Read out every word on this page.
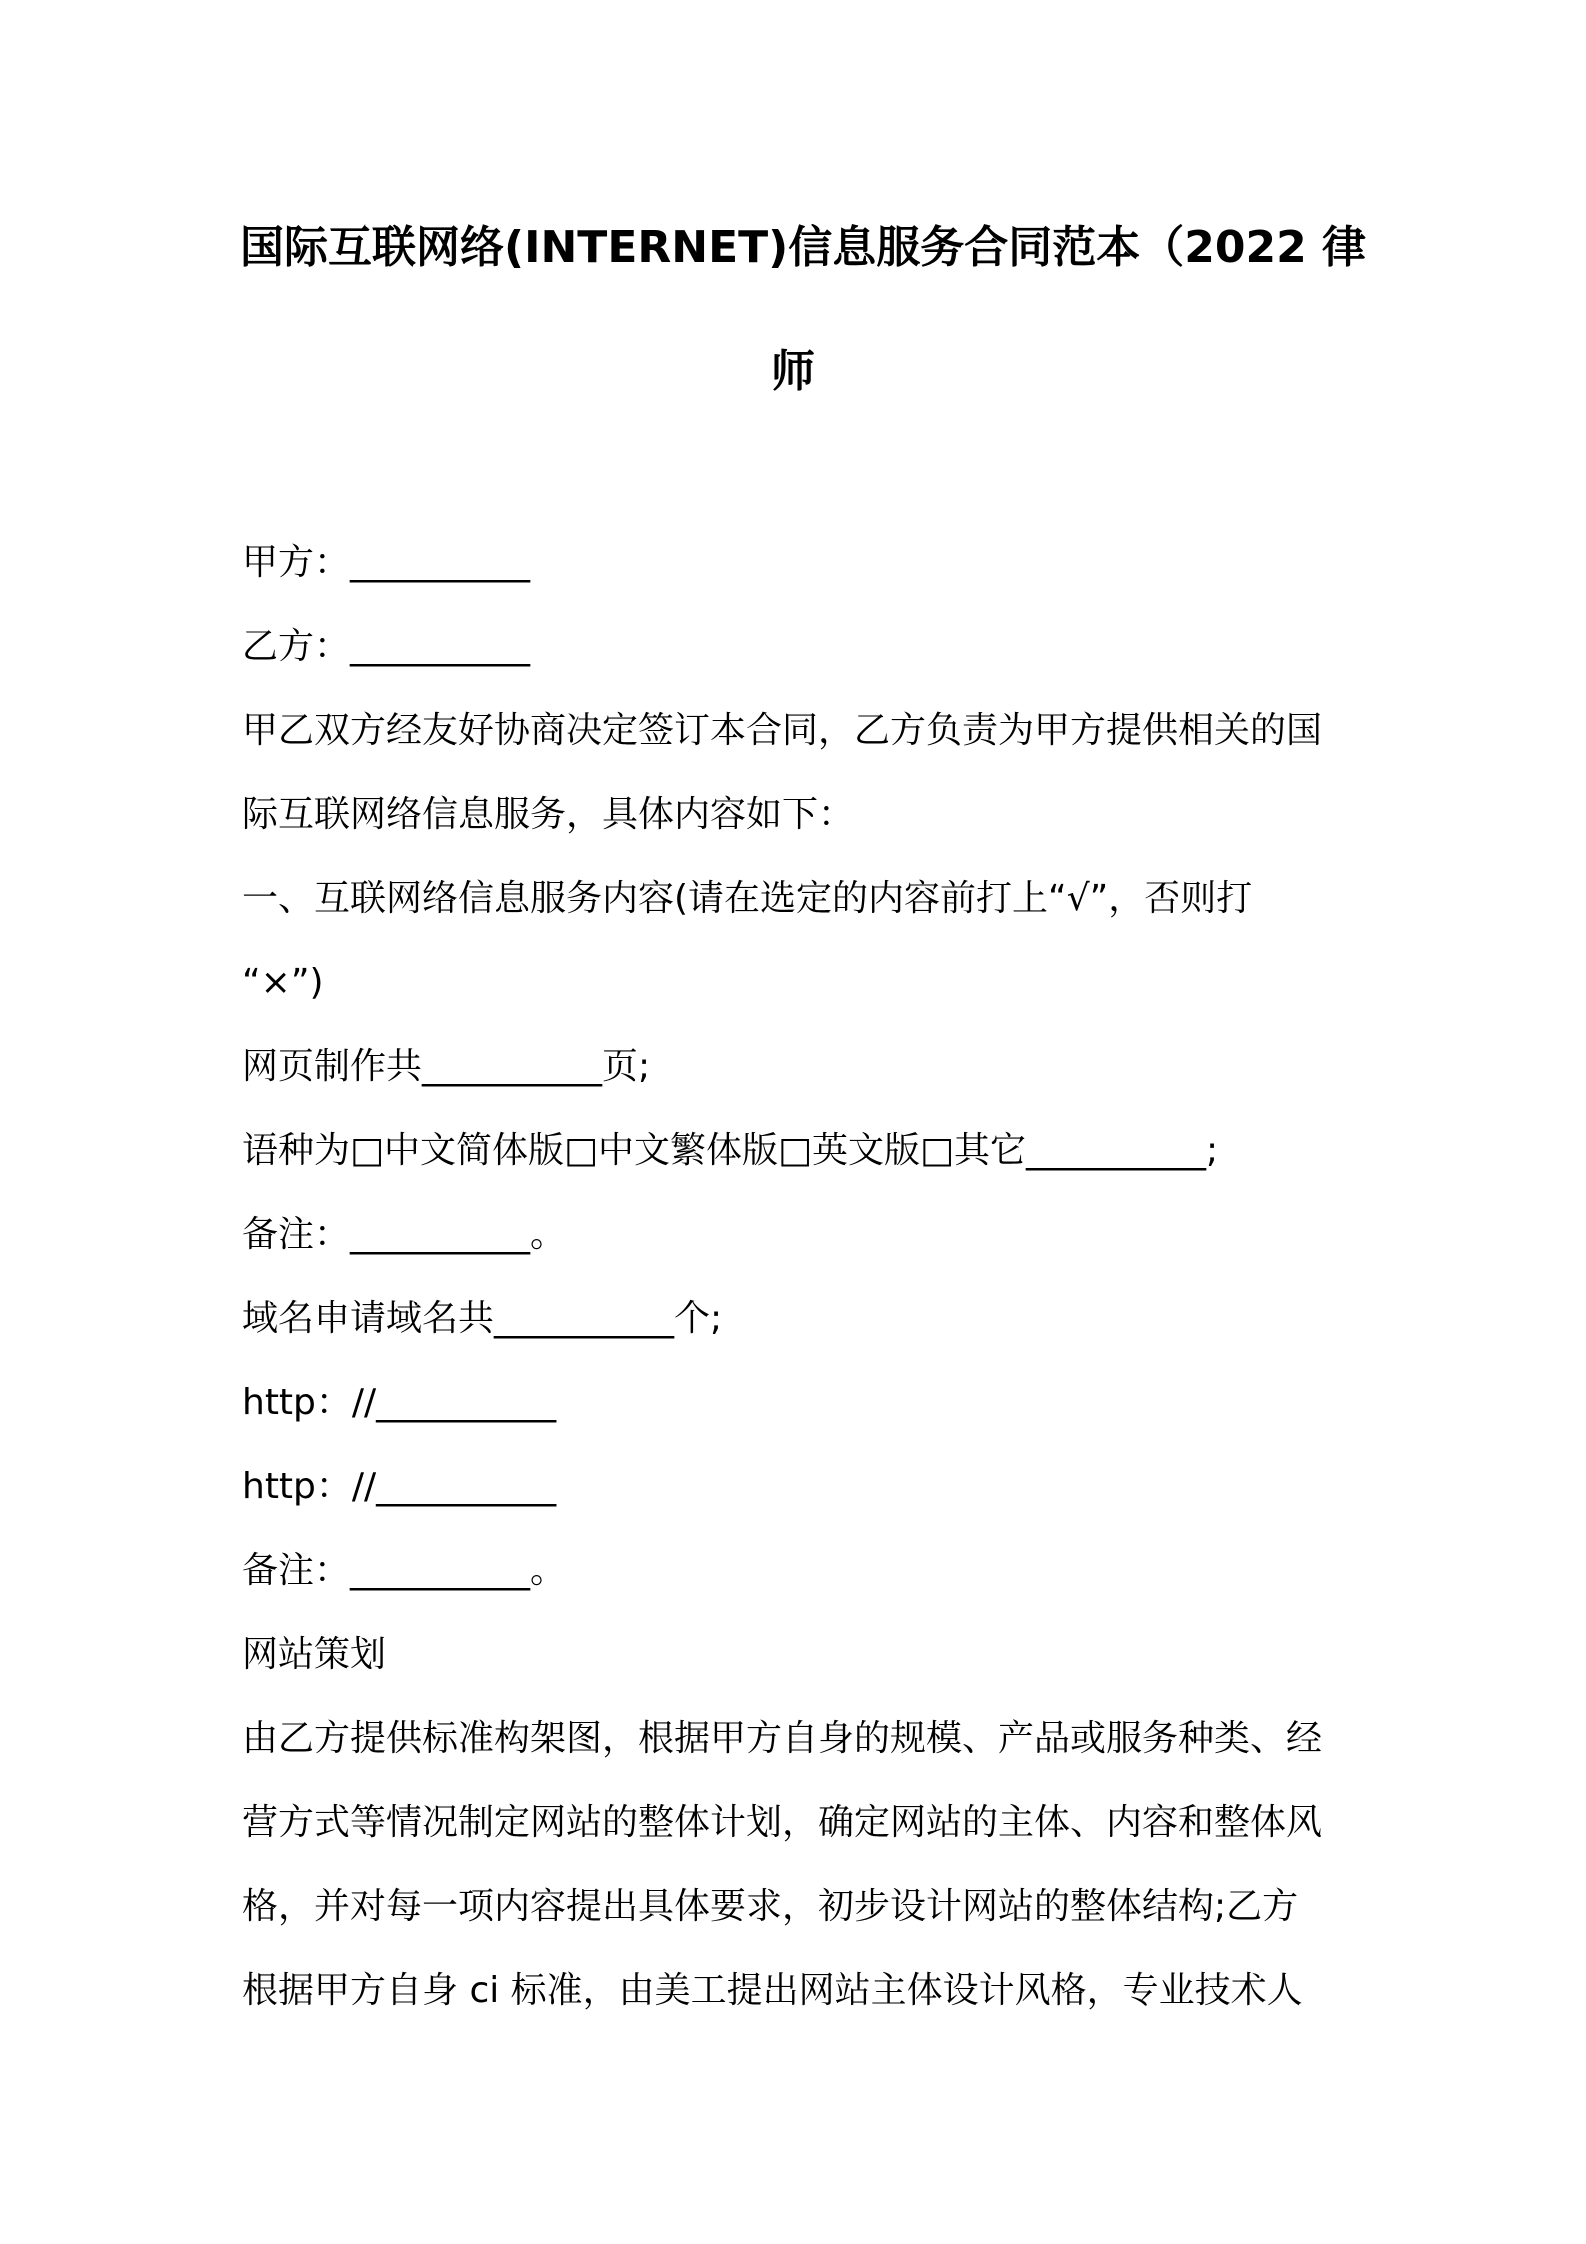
国际互联网络(INTERNET)信息服务合同范本（2022 律
师
甲方：__________
乙方：__________
甲乙双方经友好协商决定签订本合同，乙方负责为甲方提供相关的国
际互联网络信息服务，具体内容如下：
一、互联网络信息服务内容(请在选定的内容前打上“√”，否则打
“×”)
网页制作共__________页;
语种为□中文简体版□中文繁体版□英文版□其它__________;
备注：__________。
域名申请域名共__________个;
http：//__________
http：//__________
备注：__________。
网站策划
由乙方提供标准构架图，根据甲方自身的规模、产品或服务种类、经
营方式等情况制定网站的整体计划，确定网站的主体、内容和整体风
格，并对每一项内容提出具体要求，初步设计网站的整体结构;乙方
根据甲方自身 ci 标准，由美工提出网站主体设计风格，专业技术人
